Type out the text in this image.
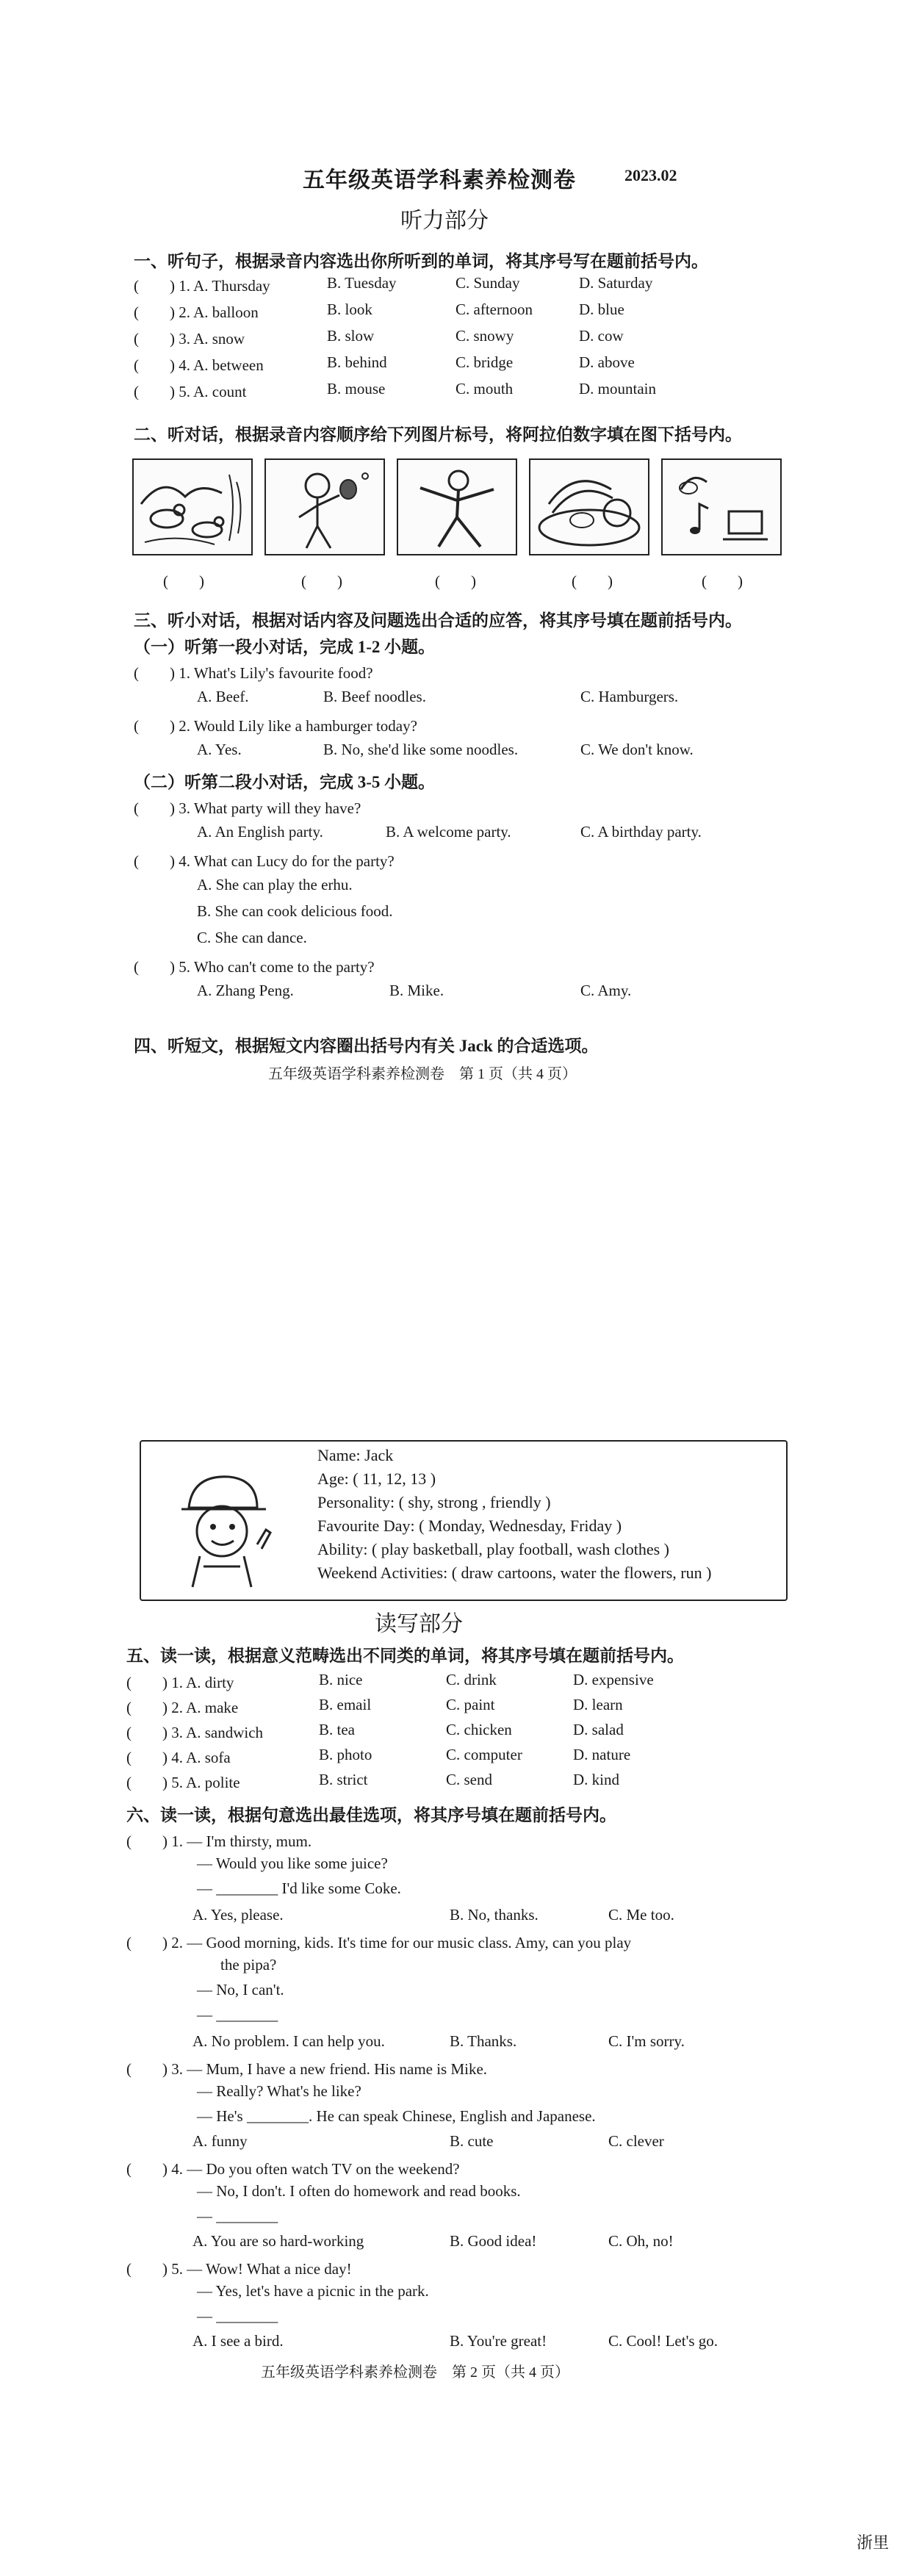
五年级英语学科素养检测卷	2023.02
听力部分
一、听句子，根据录音内容选出你所听到的单词，将其序号写在题前括号内。
(　　) 1. A. Thursday	B. Tuesday	C. Sunday	D. Saturday
(　　) 2. A. balloon	B. look	C. afternoon	D. blue
(　　) 3. A. snow	B. slow	C. snowy	D. cow
(　　) 4. A. between	B. behind	C. bridge	D. above
(　　) 5. A. count	B. mouse	C. mouth	D. mountain
二、听对话，根据录音内容顺序给下列图片标号，将阿拉伯数字填在图下括号内。
(　　)	(　　)	(　　)	(　　)	(　　)
三、听小对话，根据对话内容及问题选出合适的应答，将其序号填在题前括号内。
（一）听第一段小对话，完成 1-2 小题。
(　　) 1. What's Lily's favourite food?
A. Beef.	B. Beef noodles.	C. Hamburgers.
(　　) 2. Would Lily like a hamburger today?
A. Yes.	B. No, she'd like some noodles.	C. We don't know.
（二）听第二段小对话，完成 3-5 小题。
(　　) 3. What party will they have?
A. An English party.	B. A welcome party.	C. A birthday party.
(　　) 4. What can Lucy do for the party?
A. She can play the erhu.
B. She can cook delicious food.
C. She can dance.
(　　) 5. Who can't come to the party?
A. Zhang Peng.	B. Mike.	C. Amy.
四、听短文，根据短文内容圈出括号内有关 Jack 的合适选项。
五年级英语学科素养检测卷　第 1 页（共 4 页）
Name: Jack
Age: ( 11, 12, 13 )
Personality: ( shy, strong , friendly )
Favourite Day: ( Monday, Wednesday, Friday )
Ability: ( play basketball, play football, wash clothes )
Weekend Activities: ( draw cartoons, water the flowers, run )
读写部分
五、读一读，根据意义范畴选出不同类的单词，将其序号填在题前括号内。
(　　) 1. A. dirty	B. nice	C. drink	D. expensive
(　　) 2. A. make	B. email	C. paint	D. learn
(　　) 3. A. sandwich	B. tea	C. chicken	D. salad
(　　) 4. A. sofa	B. photo	C. computer	D. nature
(　　) 5. A. polite	B. strict	C. send	D. kind
六、读一读，根据句意选出最佳选项，将其序号填在题前括号内。
(　　) 1. — I'm thirsty, mum.
— Would you like some juice?
— ________ I'd like some Coke.
A. Yes, please.	B. No, thanks.	C. Me too.
(　　) 2. — Good morning, kids. It's time for our music class. Amy, can you play
the pipa?
— No, I can't.
— ________
A. No problem. I can help you.	B. Thanks.	C. I'm sorry.
(　　) 3. — Mum, I have a new friend. His name is Mike.
— Really? What's he like?
— He's ________. He can speak Chinese, English and Japanese.
A. funny	B. cute	C. clever
(　　) 4. — Do you often watch TV on the weekend?
— No, I don't. I often do homework and read books.
— ________
A. You are so hard-working	B. Good idea!	C. Oh, no!
(　　) 5. — Wow! What a nice day!
— Yes, let's have a picnic in the park.
— ________
A. I see a bird.	B. You're great!	C. Cool! Let's go.
五年级英语学科素养检测卷　第 2 页（共 4 页）
浙里
